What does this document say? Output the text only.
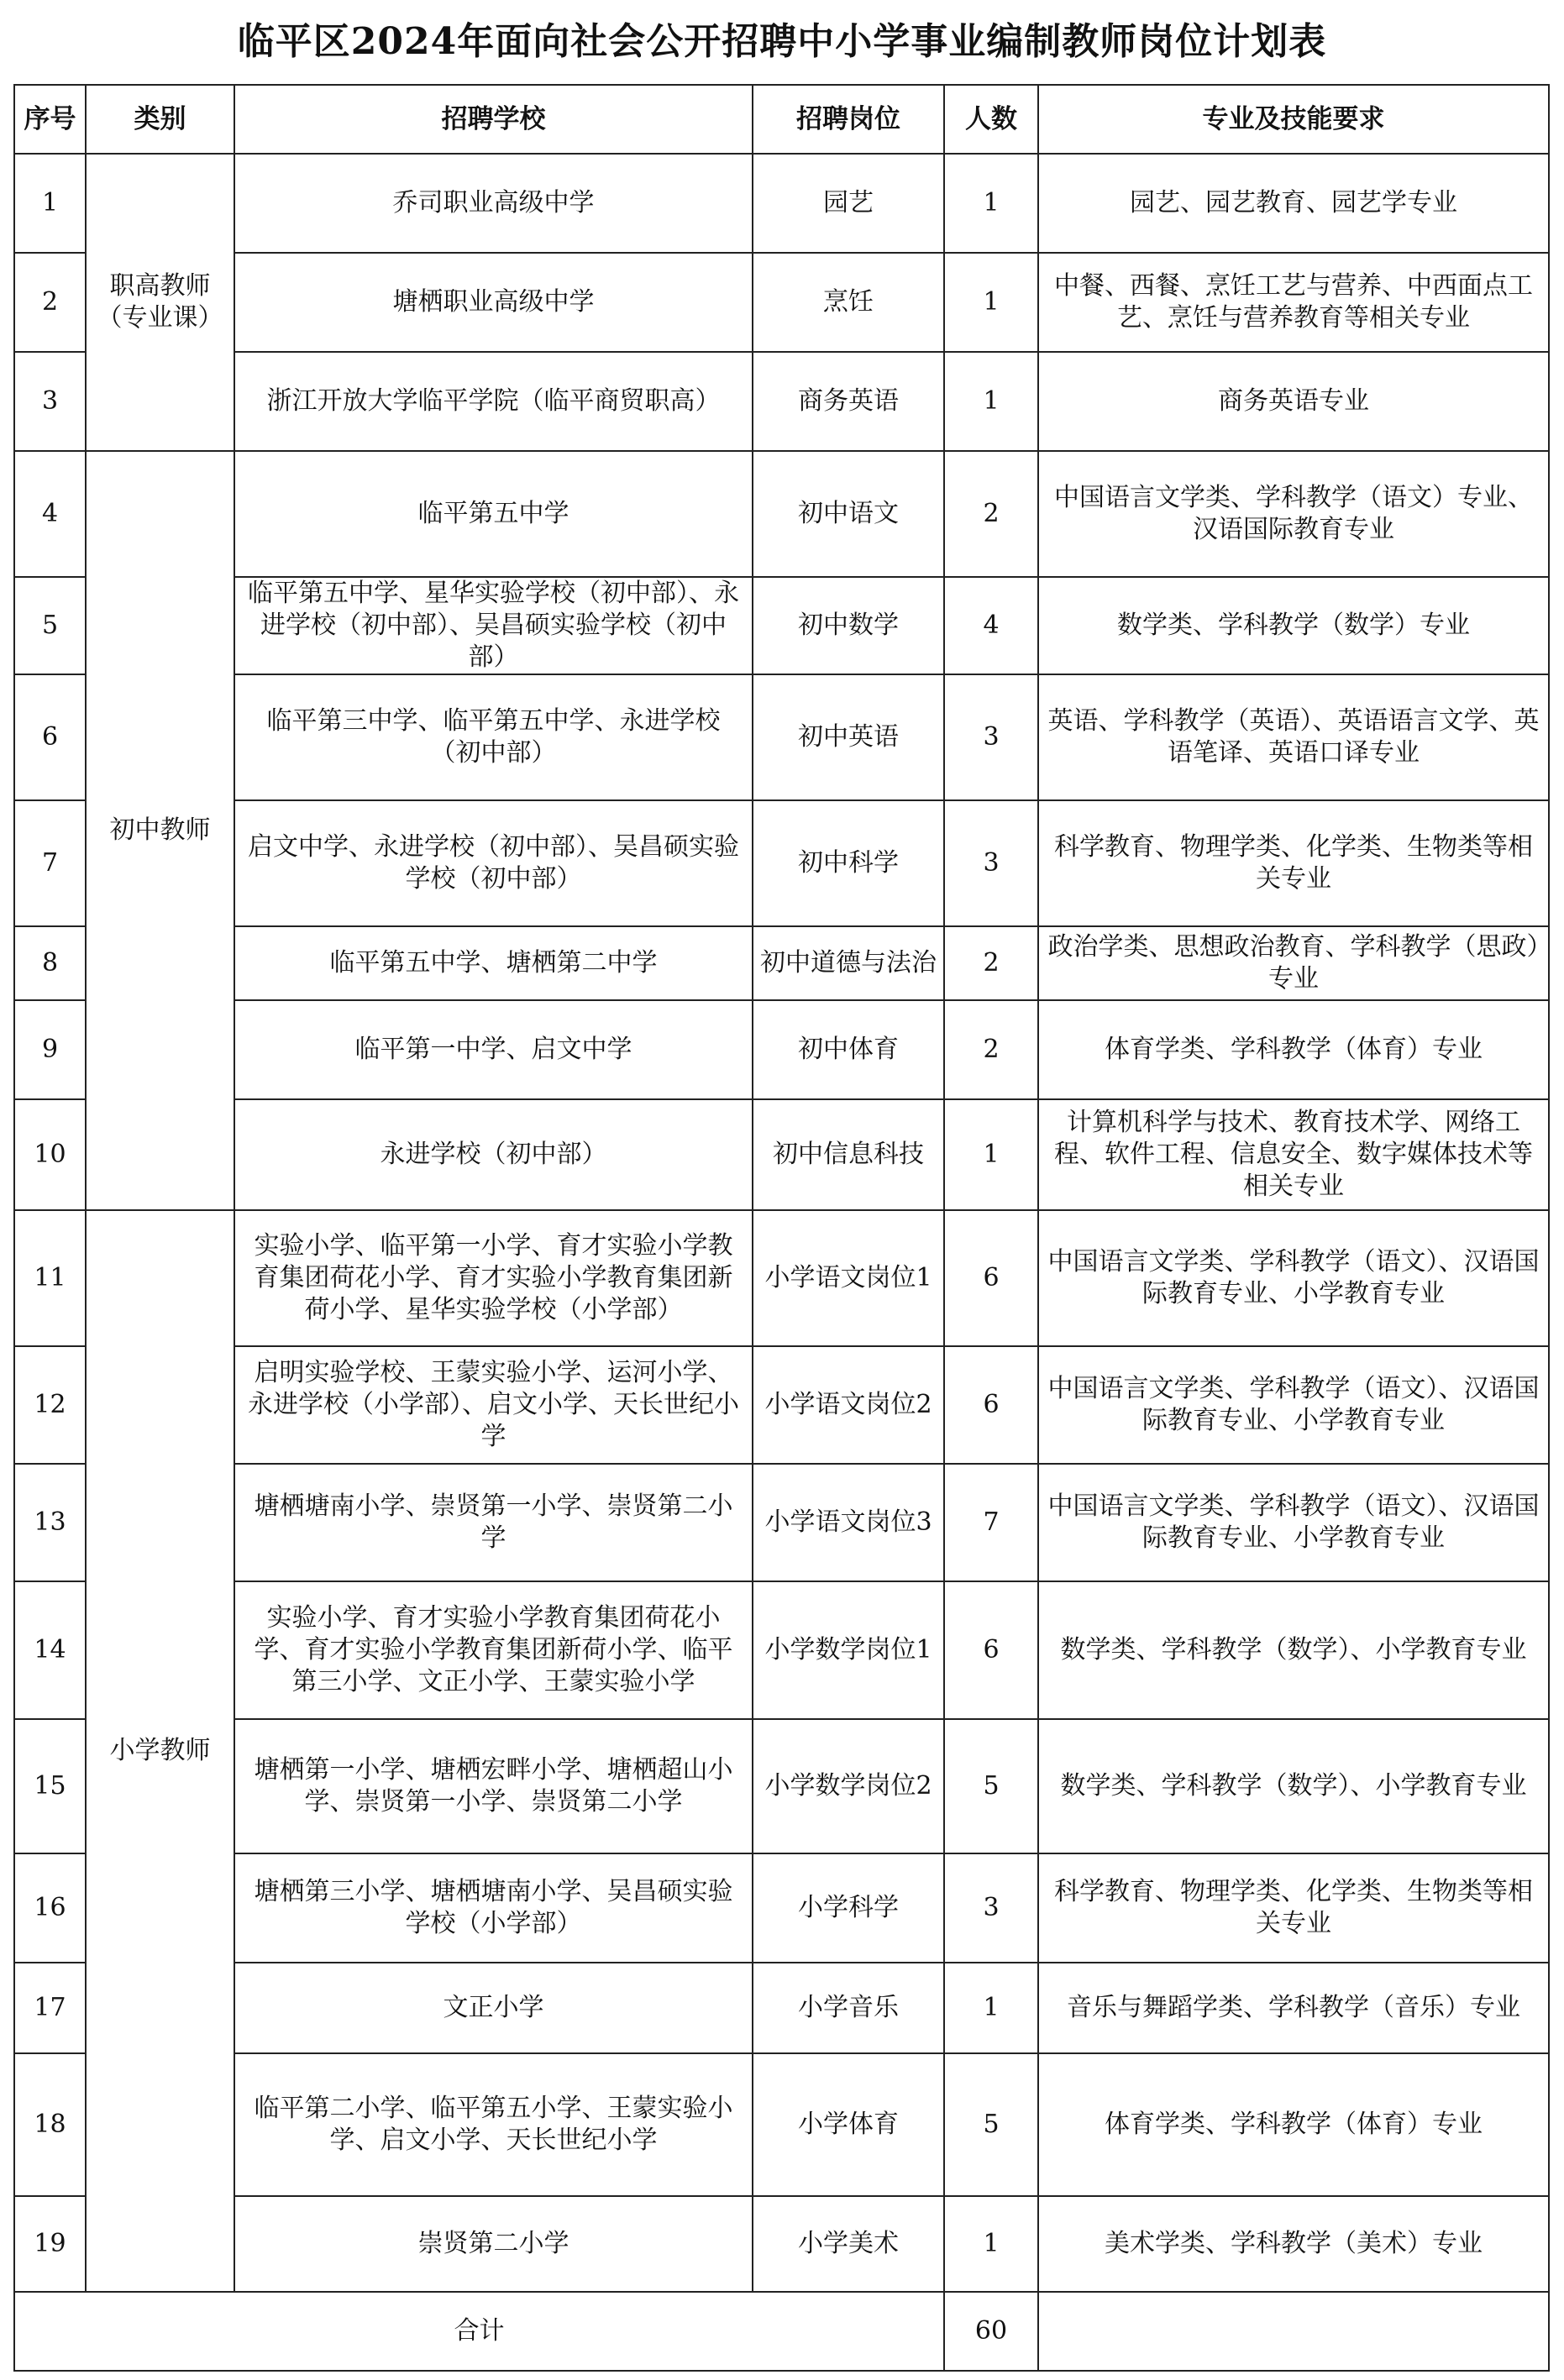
临平区2024年面向社会公开招聘中小学事业编制教师岗位计划表
序号	类别	招聘学校	招聘岗位	人数	专业及技能要求
1	职高教师（专业课）	乔司职业高级中学	园艺	1	园艺、园艺教育、园艺学专业
2		塘栖职业高级中学	烹饪	1	中餐、西餐、烹饪工艺与营养、中西面点工艺、烹饪与营养教育等相关专业
3		浙江开放大学临平学院（临平商贸职高）	商务英语	1	商务英语专业
4	初中教师	临平第五中学	初中语文	2	中国语言文学类、学科教学（语文）专业、汉语国际教育专业
5		临平第五中学、星华实验学校（初中部）、永进学校（初中部）、吴昌硕实验学校（初中部）	初中数学	4	数学类、学科教学（数学）专业
6		临平第三中学、临平第五中学、永进学校（初中部）	初中英语	3	英语、学科教学（英语）、英语语言文学、英语笔译、英语口译专业
7		启文中学、永进学校（初中部）、吴昌硕实验学校（初中部）	初中科学	3	科学教育、物理学类、化学类、生物类等相关专业
8		临平第五中学、塘栖第二中学	初中道德与法治	2	政治学类、思想政治教育、学科教学（思政）专业
9		临平第一中学、启文中学	初中体育	2	体育学类、学科教学（体育）专业
10		永进学校（初中部）	初中信息科技	1	计算机科学与技术、教育技术学、网络工程、软件工程、信息安全、数字媒体技术等相关专业
11	小学教师	实验小学、临平第一小学、育才实验小学教育集团荷花小学、育才实验小学教育集团新荷小学、星华实验学校（小学部）	小学语文岗位1	6	中国语言文学类、学科教学（语文）、汉语国际教育专业、小学教育专业
12		启明实验学校、王蒙实验小学、运河小学、永进学校（小学部）、启文小学、天长世纪小学	小学语文岗位2	6	中国语言文学类、学科教学（语文）、汉语国际教育专业、小学教育专业
13		塘栖塘南小学、崇贤第一小学、崇贤第二小学	小学语文岗位3	7	中国语言文学类、学科教学（语文）、汉语国际教育专业、小学教育专业
14		实验小学、育才实验小学教育集团荷花小学、育才实验小学教育集团新荷小学、临平第三小学、文正小学、王蒙实验小学	小学数学岗位1	6	数学类、学科教学（数学）、小学教育专业
15		塘栖第一小学、塘栖宏畔小学、塘栖超山小学、崇贤第一小学、崇贤第二小学	小学数学岗位2	5	数学类、学科教学（数学）、小学教育专业
16		塘栖第三小学、塘栖塘南小学、吴昌硕实验学校（小学部）	小学科学	3	科学教育、物理学类、化学类、生物类等相关专业
17		文正小学	小学音乐	1	音乐与舞蹈学类、学科教学（音乐）专业
18		临平第二小学、临平第五小学、王蒙实验小学、启文小学、天长世纪小学	小学体育	5	体育学类、学科教学（体育）专业
19		崇贤第二小学	小学美术	1	美术学类、学科教学（美术）专业
合计				60	
